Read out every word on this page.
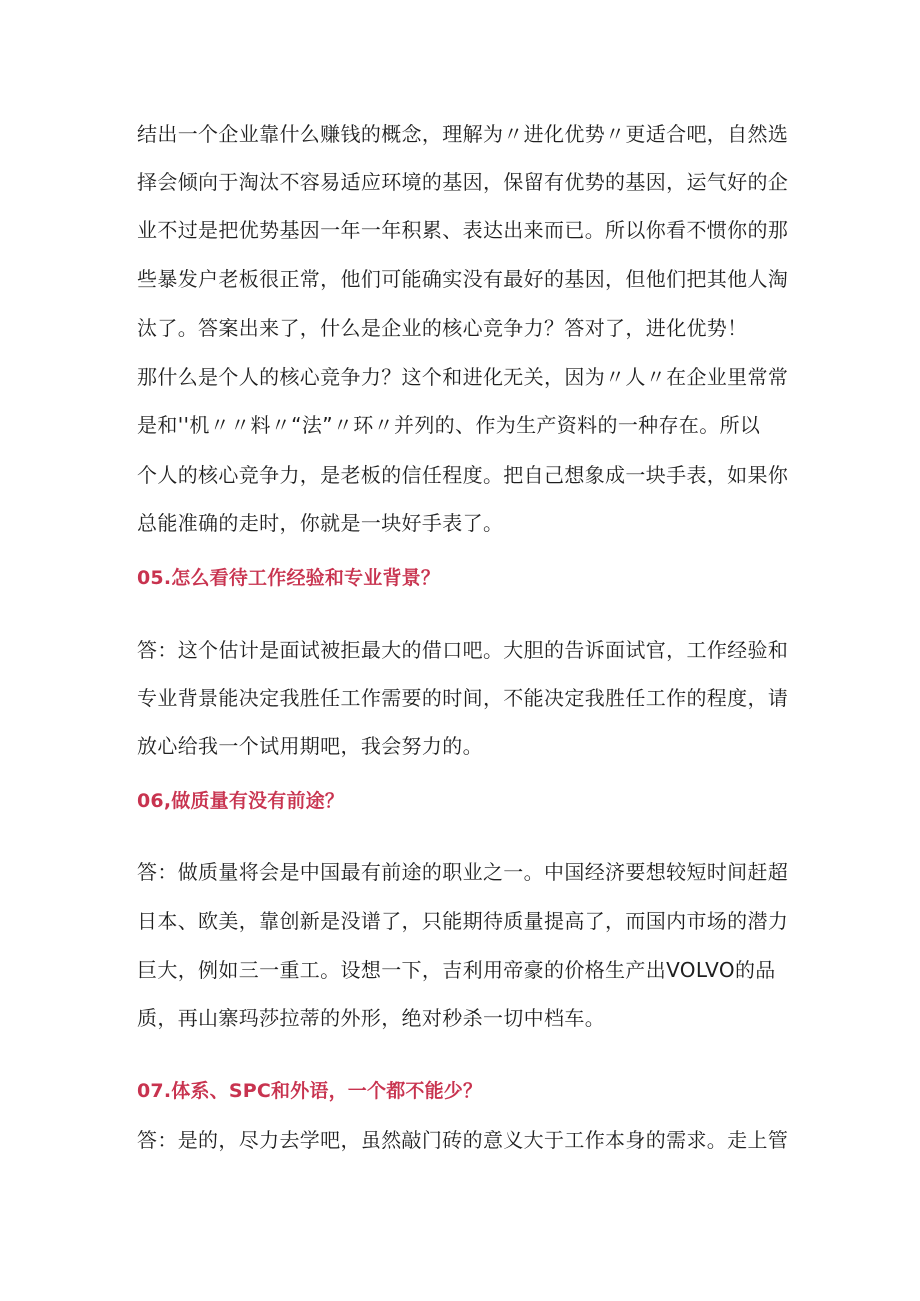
结出一个企业靠什么赚钱的概念，理解为〃进化优势〃更适合吧，自然选
择会倾向于淘汰不容易适应环境的基因，保留有优势的基因，运气好的企
业不过是把优势基因一年一年积累、表达出来而已。所以你看不惯你的那
些暴发户老板很正常，他们可能确实没有最好的基因，但他们把其他人淘
汰了。答案出来了，什么是企业的核心竞争力？答对了，进化优势！
那什么是个人的核心竞争力？这个和进化无关，因为〃人〃在企业里常常
是和''机〃〃料〃“法”〃环〃并列的、作为生产资料的一种存在。所以
个人的核心竞争力，是老板的信任程度。把自己想象成一块手表，如果你
总能准确的走时，你就是一块好手表了。
05.怎么看待工作经验和专业背景？
答：这个估计是面试被拒最大的借口吧。大胆的告诉面试官，工作经验和
专业背景能决定我胜任工作需要的时间，不能决定我胜任工作的程度，请
放心给我一个试用期吧，我会努力的。
06,做质量有没有前途？
答：做质量将会是中国最有前途的职业之一。中国经济要想较短时间赶超
日本、欧美，靠创新是没谱了，只能期待质量提高了，而国内市场的潜力
巨大，例如三一重工。设想一下，吉利用帝豪的价格生产出VOLVO的品
质，再山寨玛莎拉蒂的外形，绝对秒杀一切中档车。
07.体系、SPC和外语，一个都不能少？
答：是的，尽力去学吧，虽然敲门砖的意义大于工作本身的需求。走上管
